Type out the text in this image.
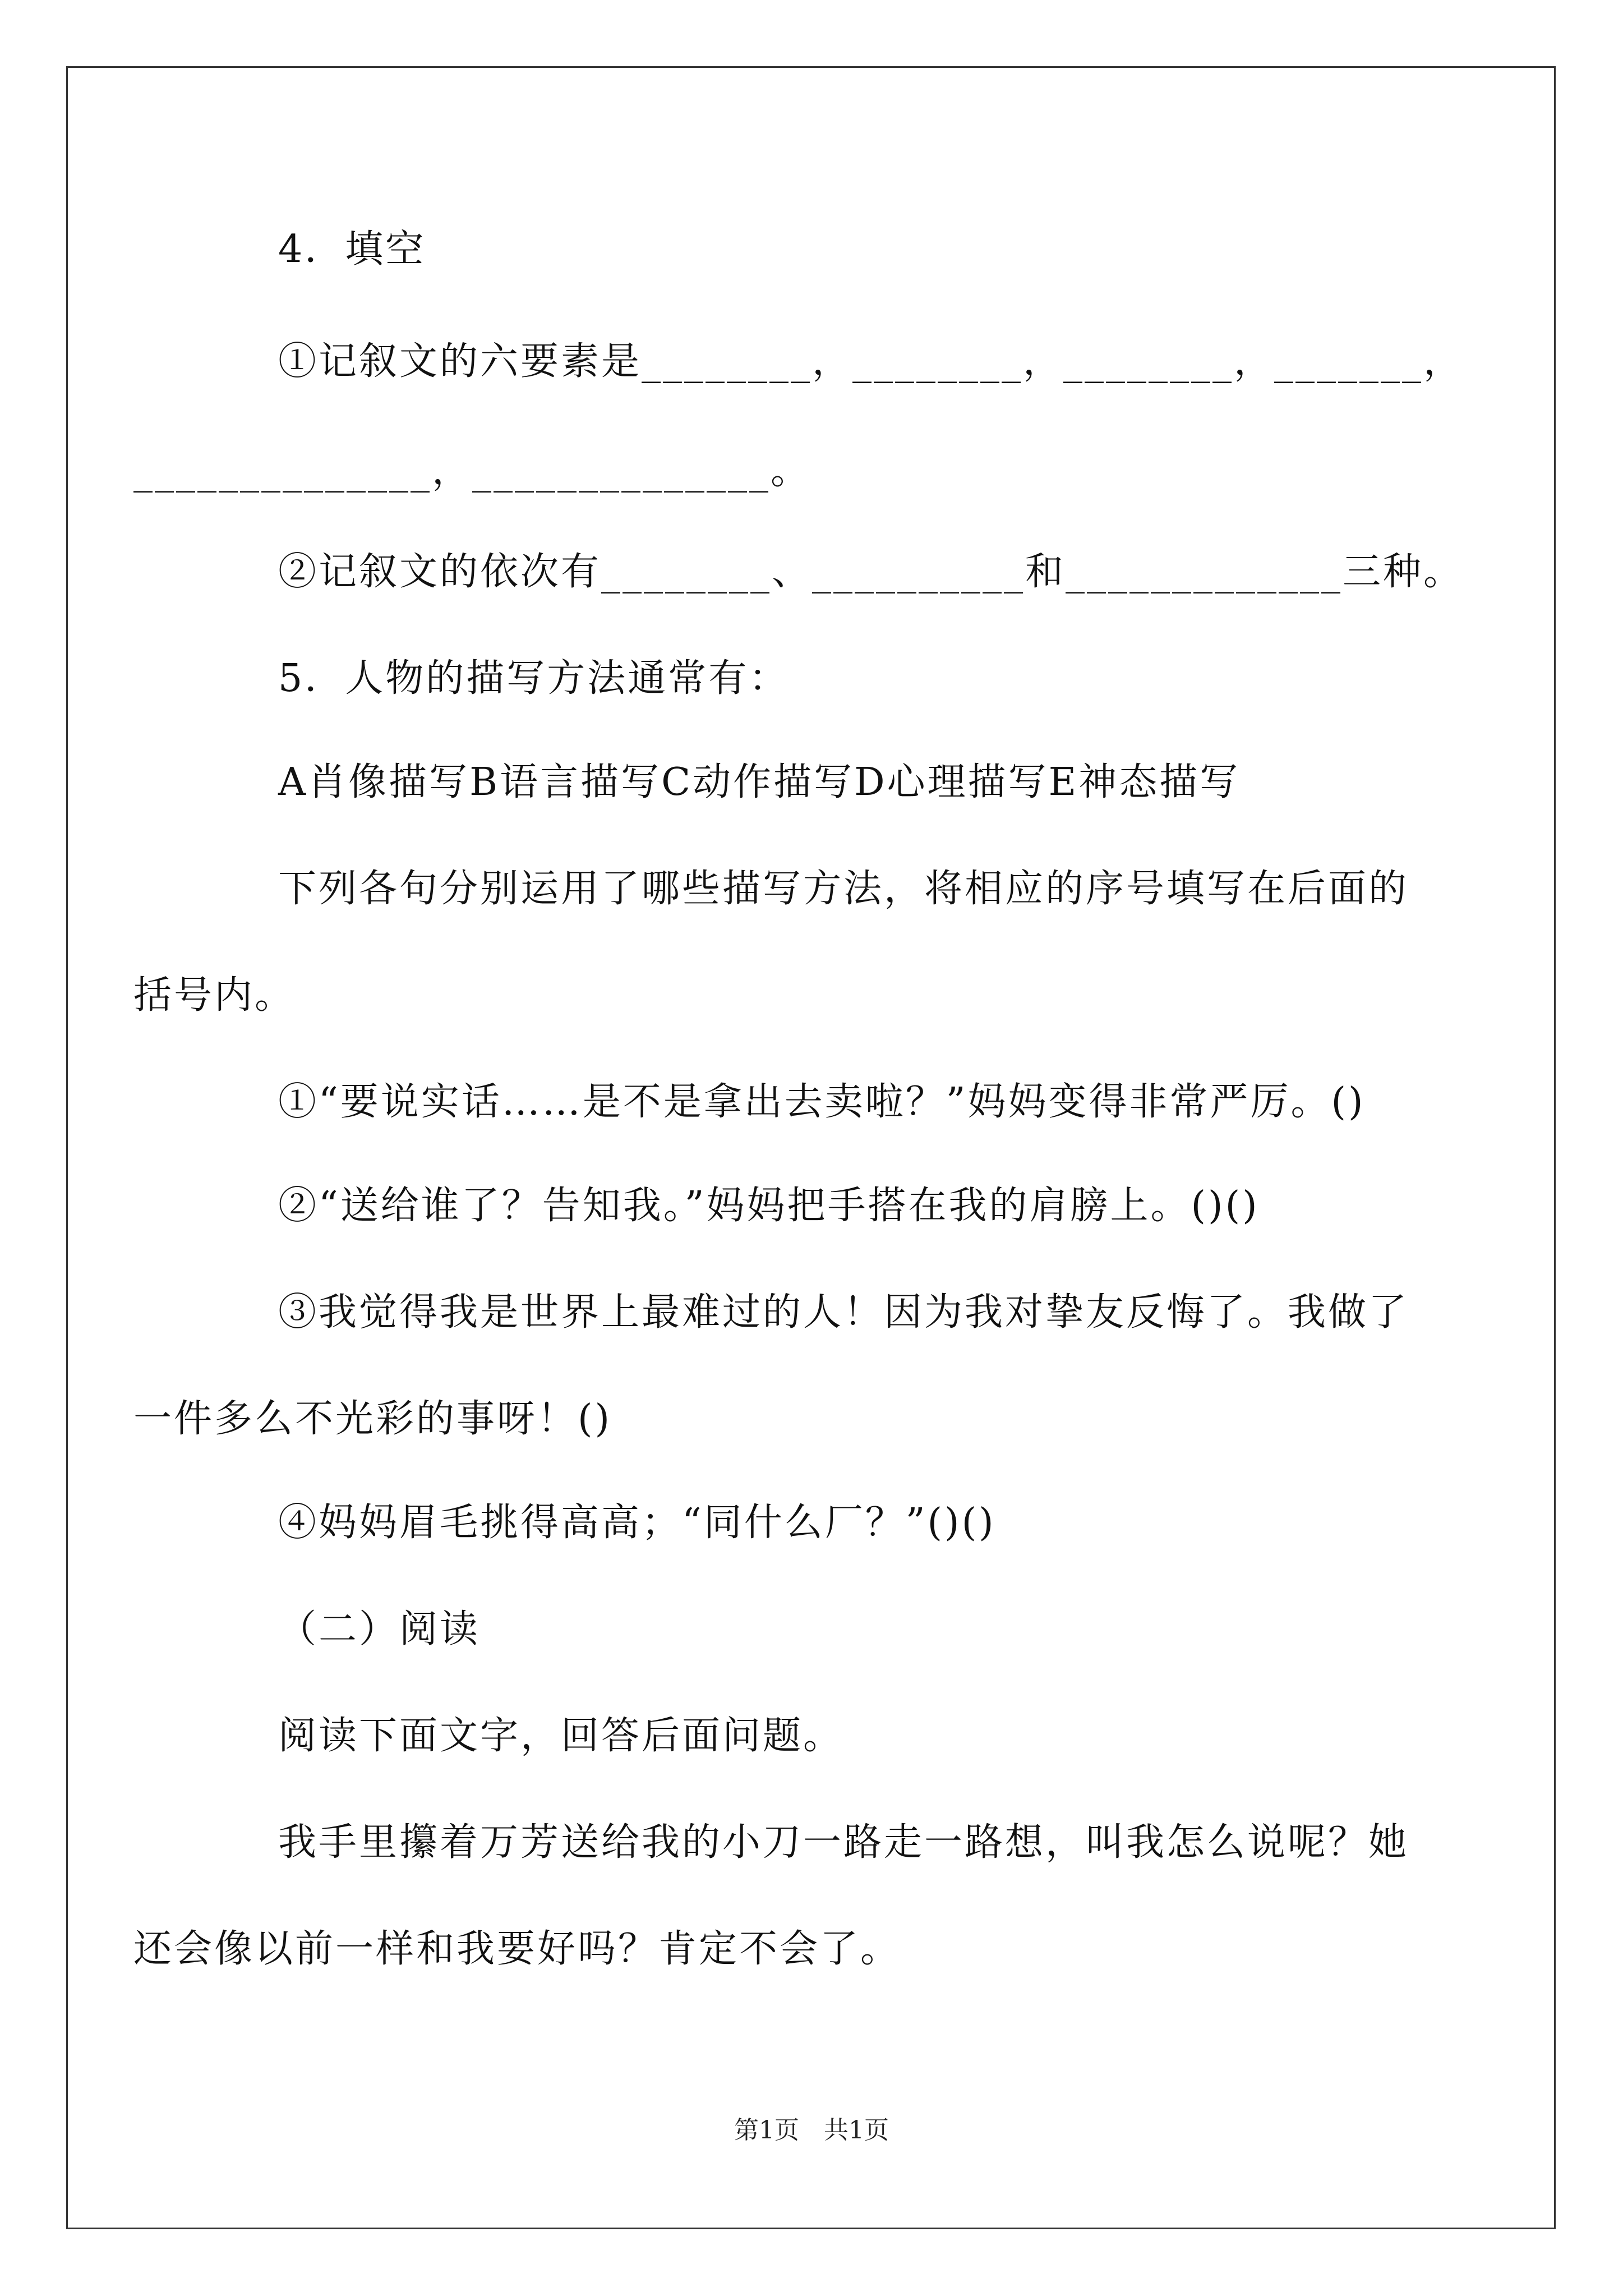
4．填空
①记叙文的六要素是________，________，________，_______，
______________，______________。
②记叙文的依次有________、__________和_____________三种。
5．人物的描写方法通常有：
A肖像描写B语言描写C动作描写D心理描写E神态描写
下列各句分别运用了哪些描写方法，将相应的序号填写在后面的
括号内。
①“要说实话……是不是拿出去卖啦？”妈妈变得非常严厉。()
②“送给谁了？告知我。”妈妈把手搭在我的肩膀上。()()
③我觉得我是世界上最难过的人！因为我对挚友反悔了。我做了
一件多么不光彩的事呀！()
④妈妈眉毛挑得高高；“同什么厂？”()()
（二）阅读
阅读下面文字，回答后面问题。
我手里攥着万芳送给我的小刀一路走一路想，叫我怎么说呢？她
还会像以前一样和我要好吗？肯定不会了。
第1页　共1页
